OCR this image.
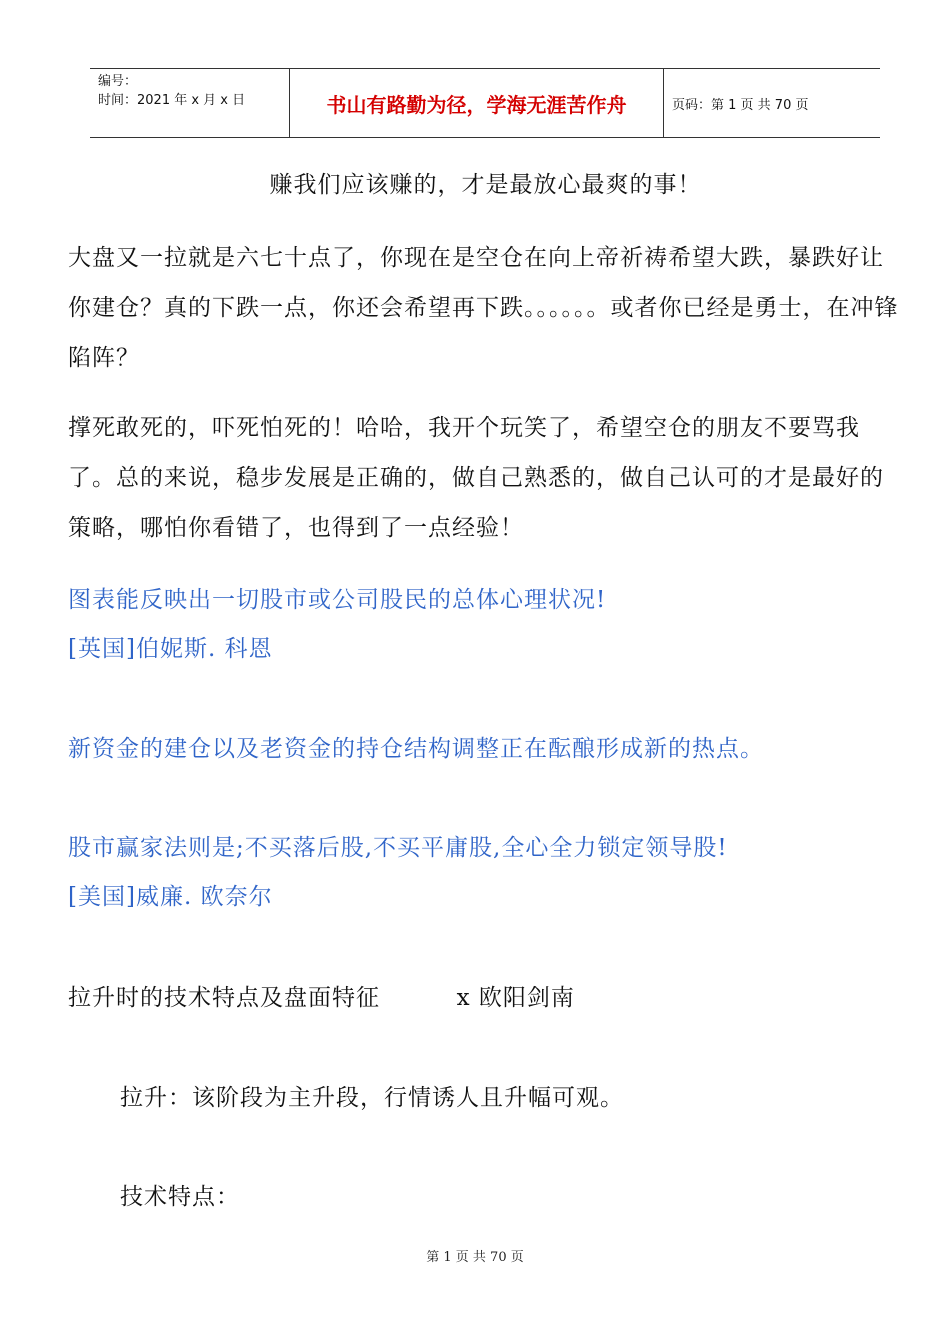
编号：
时间：2021 年 x 月 x 日	书山有路勤为径，学海无涯苦作舟	页码：第 1 页 共 70 页
赚我们应该赚的，才是最放心最爽的事！
大盘又一拉就是六七十点了，你现在是空仓在向上帝祈祷希望大跌，暴跌好让你建仓？真的下跌一点，你还会希望再下跌。。。。。。或者你已经是勇士，在冲锋陷阵？
撑死敢死的，吓死怕死的！哈哈，我开个玩笑了，希望空仓的朋友不要骂我了。总的来说，稳步发展是正确的，做自己熟悉的，做自己认可的才是最好的策略，哪怕你看错了，也得到了一点经验！
图表能反映出一切股市或公司股民的总体心理状况!
[英国]伯妮斯. 科恩
新资金的建仓以及老资金的持仓结构调整正在酝酿形成新的热点。
股市赢家法则是;不买落后股,不买平庸股,全心全力锁定领导股!
[美国]威廉. 欧奈尔
拉升时的技术特点及盘面特征	x 欧阳剑南
拉升：该阶段为主升段，行情诱人且升幅可观。
技术特点：
第 1 页 共 70 页
